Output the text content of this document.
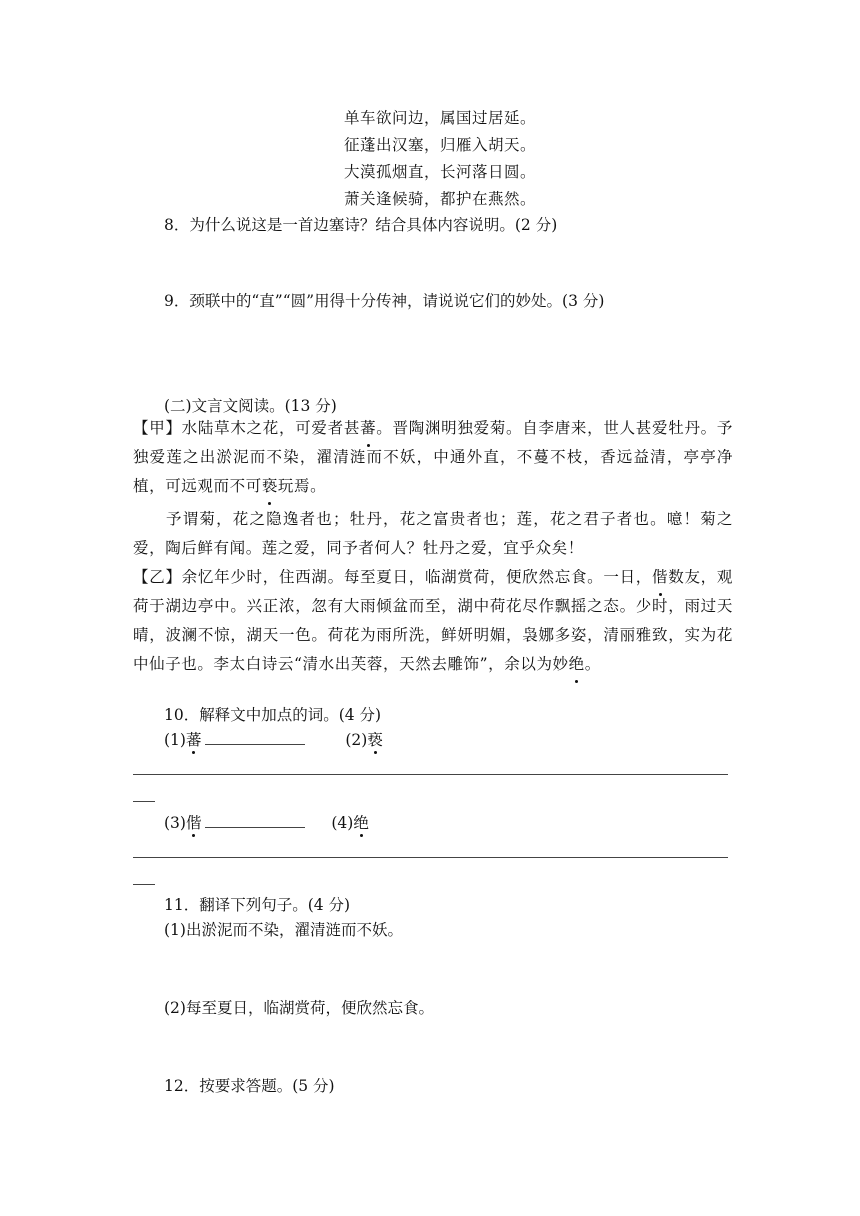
单车欲问边，属国过居延。
征蓬出汉塞，归雁入胡天。
大漠孤烟直，长河落日圆。
萧关逢候骑，都护在燕然。
8．为什么说这是一首边塞诗？结合具体内容说明。(2 分)
9．颈联中的“直”“圆”用得十分传神，请说说它们的妙处。(3 分)
(二)文言文阅读。(13 分)
【甲】水陆草木之花，可爱者甚蕃。晋陶渊明独爱菊。自李唐来，世人甚爱牡丹。予独爱莲之出淤泥而不染，濯清涟而不妖，中通外直，不蔓不枝，香远益清，亭亭净植，可远观而不可亵玩焉。
予谓菊，花之隐逸者也；牡丹，花之富贵者也；莲，花之君子者也。噫！菊之爱，陶后鲜有闻。莲之爱，同予者何人？牡丹之爱，宜乎众矣！
【乙】余忆年少时，住西湖。每至夏日，临湖赏荷，便欣然忘食。一日，偕数友，观荷于湖边亭中。兴正浓，忽有大雨倾盆而至，湖中荷花尽作飘摇之态。少时，雨过天晴，波澜不惊，湖天一色。荷花为雨所洗，鲜妍明媚，袅娜多姿，清丽雅致，实为花中仙子也。李太白诗云“清水出芙蓉，天然去雕饰”，余以为妙绝。
10．解释文中加点的词。(4 分)
(1)蕃	(2)亵
(3)偕	(4)绝
11．翻译下列句子。(4 分)
(1)出淤泥而不染，濯清涟而不妖。
(2)每至夏日，临湖赏荷，便欣然忘食。
12．按要求答题。(5 分)
